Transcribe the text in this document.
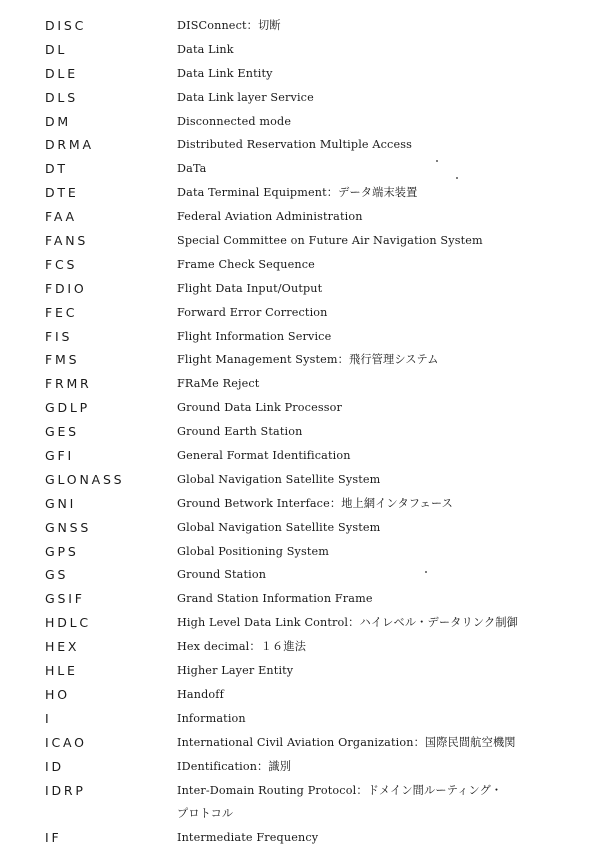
DISC	DISConnect：切断
DL	Data Link
DLE	Data Link Entity
DLS	Data Link layer Service
DM	Disconnected mode
DRMA	Distributed Reservation Multiple Access
DT	DaTa
DTE	Data Terminal Equipment：データ端末装置
FAA	Federal Aviation Administration
FANS	Special Committee on Future Air Navigation System
FCS	Frame Check Sequence
FDIO	Flight Data Input/Output
FEC	Forward Error Correction
FIS	Flight Information Service
FMS	Flight Management System：飛行管理システム
FRMR	FRaMe Reject
GDLP	Ground Data Link Processor
GES	Ground Earth Station
GFI	General Format Identification
GLONASS	Global Navigation Satellite System
GNI	Ground Betwork Interface：地上網インタフェース
GNSS	Global Navigation Satellite System
GPS	Global Positioning System
GS	Ground Station
GSIF	Grand Station Information Frame
HDLC	High Level Data Link Control：ハイレベル・データリンク制御
HEX	Hex decimal：１６進法
HLE	Higher Layer Entity
HO	Handoff
I	Information
ICAO	International Civil Aviation Organization：国際民間航空機関
ID	IDentification：識別
IDRP	Inter-Domain Routing Protocol：ドメイン間ルーティング・
プロトコル
IF	Intermediate Frequency
